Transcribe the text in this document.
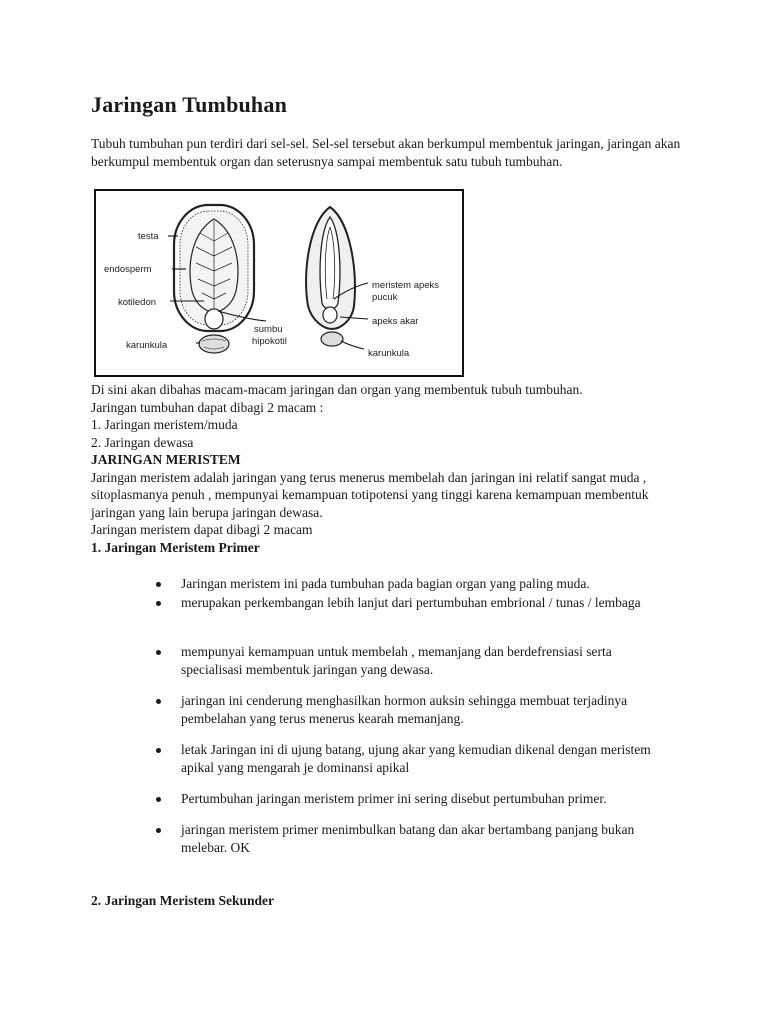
Jaringan Tumbuhan

Tubuh tumbuhan pun terdiri dari sel-sel. Sel-sel tersebut akan berkumpul membentuk jaringan, jaringan akan berkumpul membentuk organ dan seterusnya sampai membentuk satu tubuh tumbuhan.

testa
endosperm
kotiledon
karunkula
sumbu
hipokotil
meristem apeks
pucuk
apeks akar
karunkula

Di sini akan dibahas macam-macam jaringan dan organ yang membentuk tubuh tumbuhan.

Jaringan tumbuhan dapat dibagi 2 macam :

1. Jaringan meristem/muda

2. Jaringan dewasa

JARINGAN MERISTEM

Jaringan meristem adalah jaringan yang terus menerus membelah dan jaringan ini relatif sangat muda , sitoplasmanya penuh , mempunyai kemampuan totipotensi yang tinggi karena kemampuan membentuk jaringan yang lain berupa jaringan dewasa.

Jaringan meristem dapat dibagi 2 macam

1. Jaringan Meristem Primer

Jaringan meristem ini pada tumbuhan pada bagian organ yang paling muda.
merupakan perkembangan lebih lanjut dari pertumbuhan embrional / tunas / lembaga
mempunyai kemampuan untuk membelah , memanjang dan berdefrensiasi serta specialisasi membentuk jaringan yang dewasa.
jaringan ini cenderung menghasilkan hormon auksin sehingga membuat terjadinya pembelahan yang terus menerus kearah memanjang.
letak Jaringan ini di ujung batang, ujung akar yang kemudian dikenal dengan meristem apikal yang mengarah je dominansi apikal
Pertumbuhan jaringan meristem primer ini sering disebut pertumbuhan primer.
jaringan meristem primer menimbulkan batang dan akar bertambang panjang bukan melebar. OK
2. Jaringan Meristem Sekunder
